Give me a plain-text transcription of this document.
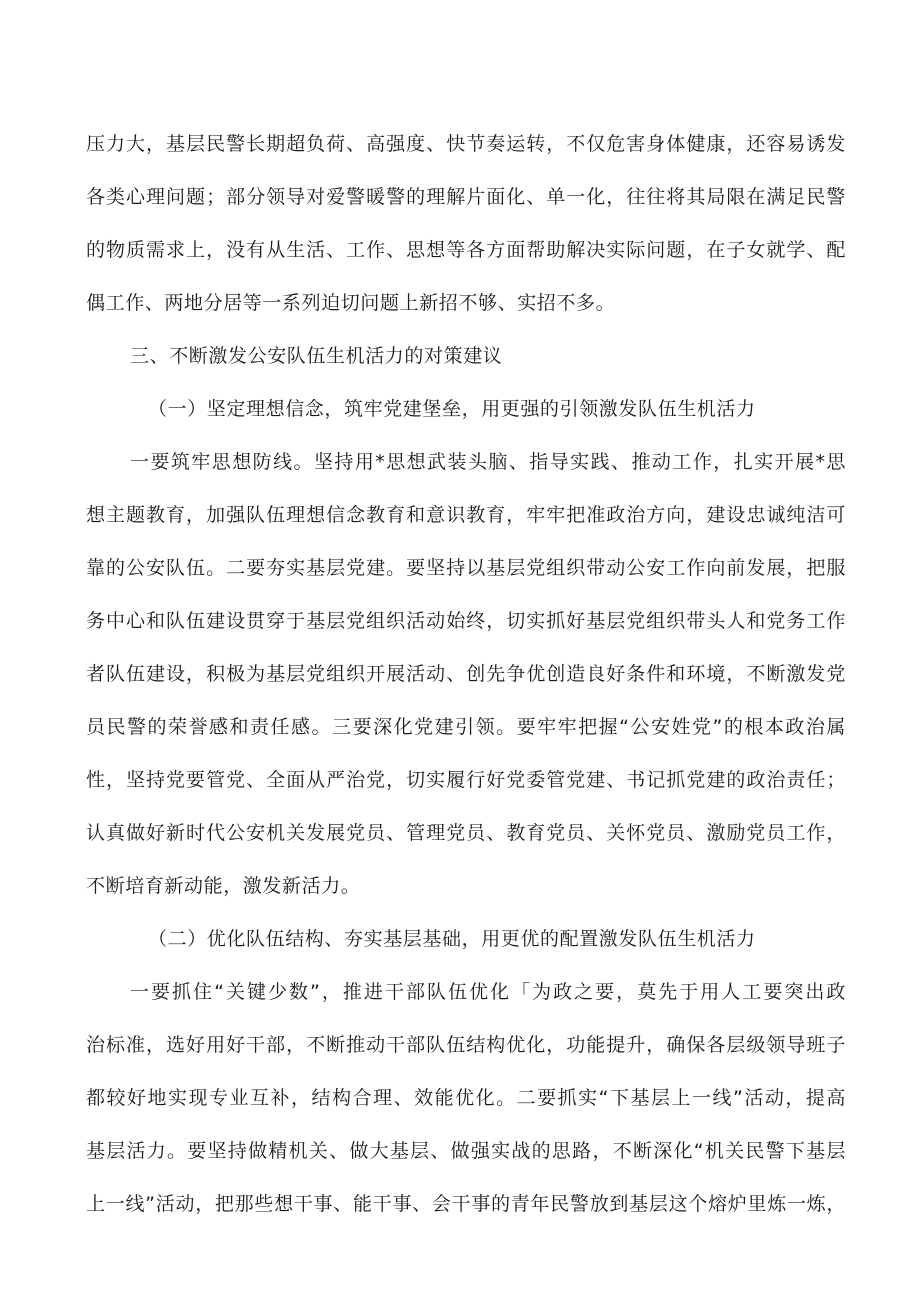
压力大，基层民警长期超负荷、高强度、快节奏运转，不仅危害身体健康，还容易诱发

各类心理问题；部分领导对爱警暖警的理解片面化、单一化，往往将其局限在满足民警

的物质需求上，没有从生活、工作、思想等各方面帮助解决实际问题，在子女就学、配

偶工作、两地分居等一系列迫切问题上新招不够、实招不多。

三、不断激发公安队伍生机活力的对策建议

（一）坚定理想信念，筑牢党建堡垒，用更强的引领激发队伍生机活力

一要筑牢思想防线。坚持用*思想武装头脑、指导实践、推动工作，扎实开展*思

想主题教育，加强队伍理想信念教育和意识教育，牢牢把准政治方向，建设忠诚纯洁可

靠的公安队伍。二要夯实基层党建。要坚持以基层党组织带动公安工作向前发展，把服

务中心和队伍建设贯穿于基层党组织活动始终，切实抓好基层党组织带头人和党务工作

者队伍建设，积极为基层党组织开展活动、创先争优创造良好条件和环境，不断激发党

员民警的荣誉感和责任感。三要深化党建引领。要牢牢把握“公安姓党”的根本政治属

性，坚持党要管党、全面从严治党，切实履行好党委管党建、书记抓党建的政治责任；

认真做好新时代公安机关发展党员、管理党员、教育党员、关怀党员、激励党员工作，

不断培育新动能，激发新活力。

（二）优化队伍结构、夯实基层基础，用更优的配置激发队伍生机活力

一要抓住“关键少数”，推进干部队伍优化「为政之要，莫先于用人工要突出政

治标准，选好用好干部，不断推动干部队伍结构优化，功能提升，确保各层级领导班子

都较好地实现专业互补，结构合理、效能优化。二要抓实“下基层上一线”活动，提高

基层活力。要坚持做精机关、做大基层、做强实战的思路，不断深化“机关民警下基层

上一线”活动，把那些想干事、能干事、会干事的青年民警放到基层这个熔炉里炼一炼，
